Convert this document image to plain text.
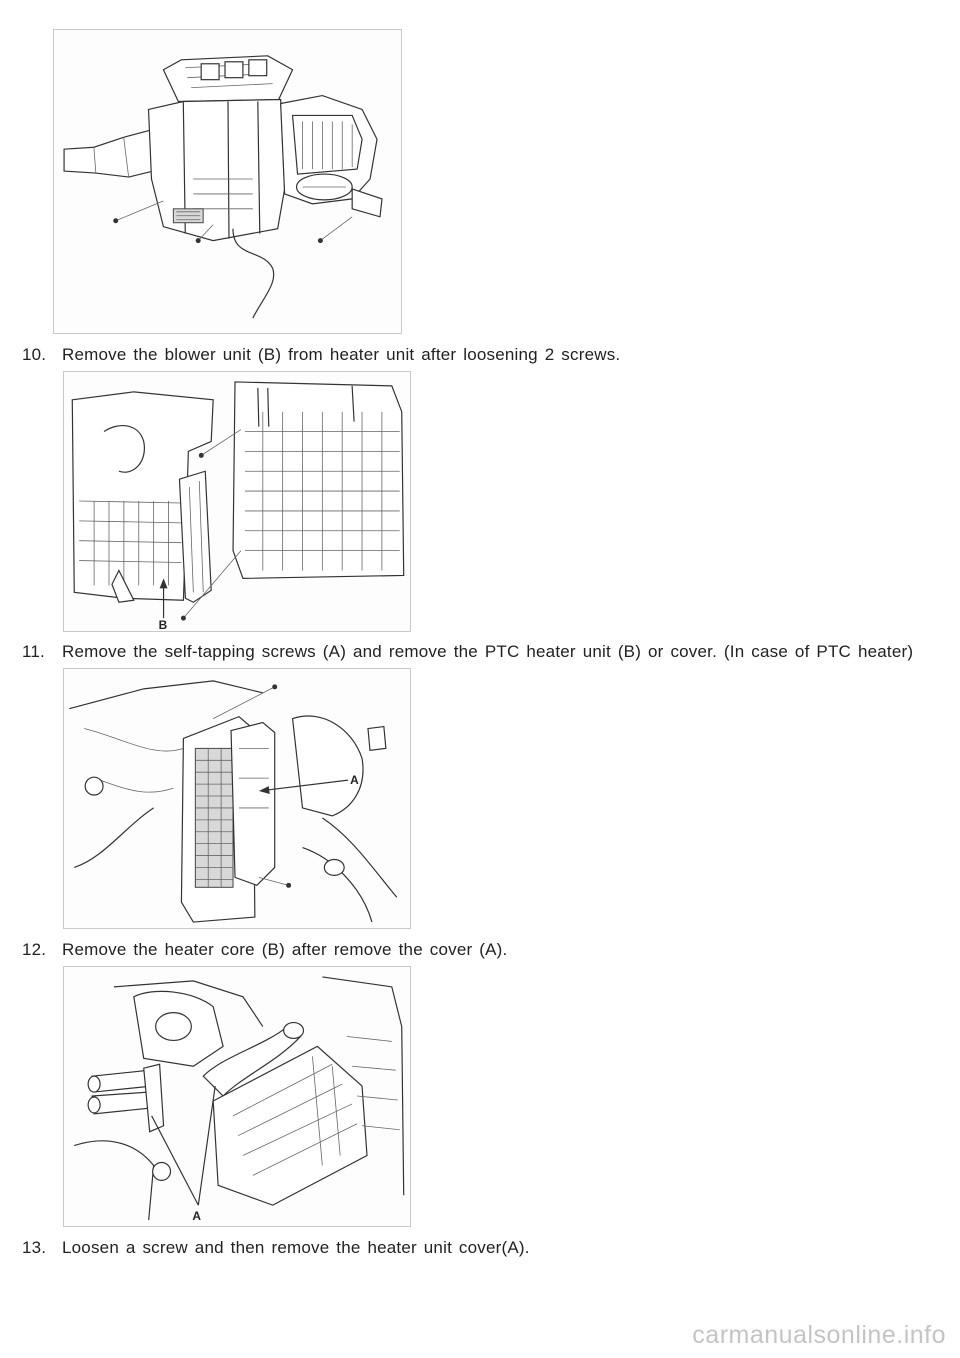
10. Remove the blower unit (B) from heater unit after loosening 2 screws.
B
11. Remove the self-tapping screws (A) and remove the PTC heater unit (B) or cover. (In case of PTC heater)
A
12. Remove the heater core (B) after remove the cover (A).
A
13. Loosen a screw and then remove the heater unit cover(A).
carmanualsonline.info
